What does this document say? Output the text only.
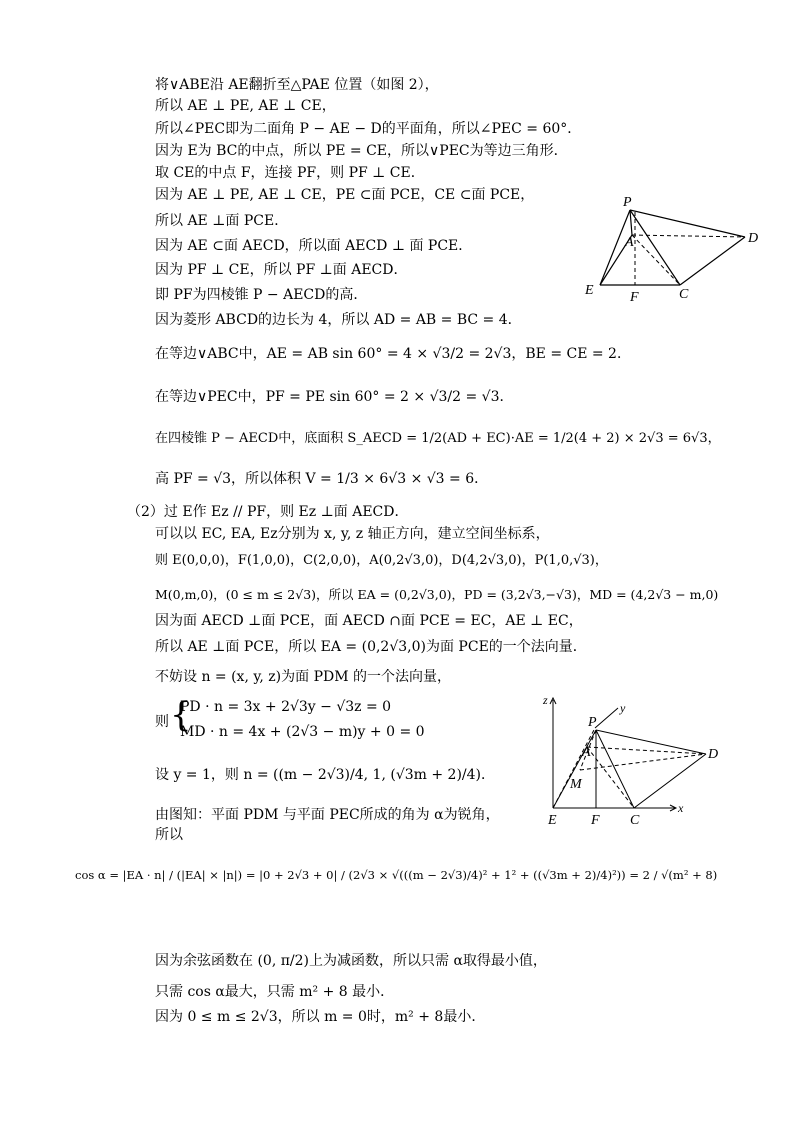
将∨ABE沿 AE翻折至△PAE 位置（如图 2），
所以 AE ⊥ PE, AE ⊥ CE，
所以∠PEC即为二面角 P − AE − D的平面角，所以∠PEC = 60°．
因为 E为 BC的中点，所以 PE = CE，所以∨PEC为等边三角形．
取 CE的中点 F，连接 PF，则 PF ⊥ CE．
因为 AE ⊥ PE, AE ⊥ CE，PE ⊂面 PCE，CE ⊂面 PCE，
所以 AE ⊥面 PCE．
因为 AE ⊂面 AECD，所以面 AECD ⊥ 面 PCE．
因为 PF ⊥ CE，所以 PF ⊥面 AECD．
即 PF为四棱锥 P − AECD的高．
因为菱形 ABCD的边长为 4，所以 AD = AB = BC = 4．
在等边∨ABC中，AE = AB sin 60° = 4 × √3/2 = 2√3，BE = CE = 2．
在等边∨PEC中，PF = PE sin 60° = 2 × √3/2 = √3．
在四棱锥 P − AECD中，底面积 S_AECD = 1/2(AD + EC)·AE = 1/2(4 + 2) × 2√3 = 6√3，
高 PF = √3，所以体积 V = 1/3 × 6√3 × √3 = 6．
（2）过 E作 Ez // PF，则 Ez ⊥面 AECD．
可以以 EC, EA, Ez分别为 x, y, z 轴正方向，建立空间坐标系，
则 E(0,0,0)，F(1,0,0)，C(2,0,0)，A(0,2√3,0)，D(4,2√3,0)，P(1,0,√3)，
M(0,m,0)，(0 ≤ m ≤ 2√3)，所以 EA = (0,2√3,0)，PD = (3,2√3,−√3)，MD = (4,2√3 − m,0)
因为面 AECD ⊥面 PCE，面 AECD ∩面 PCE = EC，AE ⊥ EC，
所以 AE ⊥面 PCE，所以 EA = (0,2√3,0)为面 PCE的一个法向量．
不妨设 n = (x, y, z)为面 PDM 的一个法向量，
则 {
PD · n = 3x + 2√3y − √3z = 0
MD · n = 4x + (2√3 − m)y + 0 = 0
设 y = 1，则 n = ((m − 2√3)/4, 1, (√3m + 2)/4)．
由图知：平面 PDM 与平面 PEC所成的角为 α为锐角，
所以
cos α = |EA · n| / (|EA| × |n|) = |0 + 2√3 + 0| / (2√3 × √(((m − 2√3)/4)² + 1² + ((√3m + 2)/4)²)) = 2 / √(m² + 8)
因为余弦函数在 (0, π/2)上为减函数，所以只需 α取得最小值，
只需 cos α最大，只需 m² + 8 最小．
因为 0 ≤ m ≤ 2√3，所以 m = 0时，m² + 8最小．
P
A	D
E	F	C
z
y
P
A
M
D
E F C
x
